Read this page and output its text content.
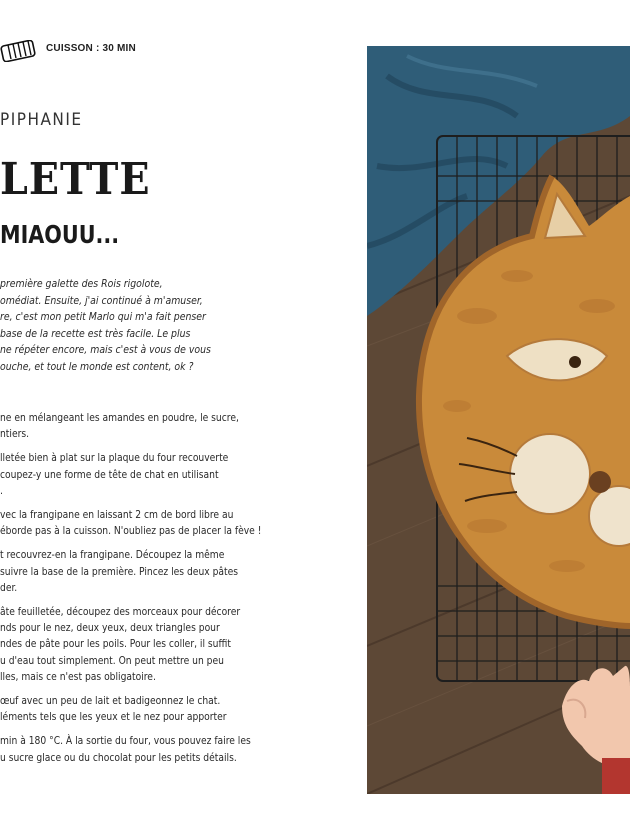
CUISSON : 30 MIN
PIPHANIE
LETTE
MIAOUU...
première galette des Rois rigolote,
omédiat. Ensuite, j'ai continué à m'amuser,
re, c'est mon petit Marlo qui m'a fait penser
base de la recette est très facile. Le plus
ne répéter encore, mais c'est à vous de vous
ouche, et tout le monde est content, ok ?
ne en mélangeant les amandes en poudre, le sucre,
ntiers.
lletée bien à plat sur la plaque du four recouverte
coupez-y une forme de tête de chat en utilisant
.
vec la frangipane en laissant 2 cm de bord libre au
éborde pas à la cuisson. N'oubliez pas de placer la fève !
t recouvrez-en la frangipane. Découpez la même
suivre la base de la première. Pincez les deux pâtes
der.
âte feuilletée, découpez des morceaux pour décorer
nds pour le nez, deux yeux, deux triangles pour
ndes de pâte pour les poils. Pour les coller, il suffit
u d'eau tout simplement. On peut mettre un peu
lles, mais ce n'est pas obligatoire.
œuf avec un peu de lait et badigeonnez le chat.
léments tels que les yeux et le nez pour apporter
min à 180 °C. À la sortie du four, vous pouvez faire les
u sucre glace ou du chocolat pour les petits détails.
